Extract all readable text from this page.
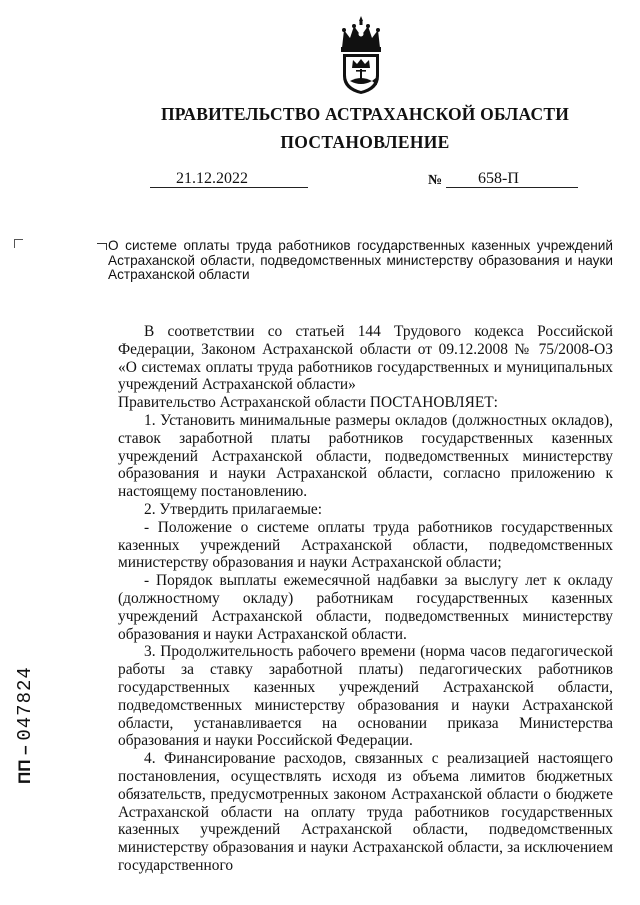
ПРАВИТЕЛЬСТВО АСТРАХАНСКОЙ ОБЛАСТИ
ПОСТАНОВЛЕНИЕ
21.12.2022	№ 658-П
О системе оплаты труда работников государственных казенных учреждений Астраханской области, подведомственных министерству образования и науки Астраханской области

В соответствии со статьей 144 Трудового кодекса Российской Федерации, Законом Астраханской области от 09.12.2008 № 75/2008-ОЗ «О системах оплаты труда работников государственных и муниципальных учреждений Астраханской области»

Правительство Астраханской области ПОСТАНОВЛЯЕТ:

1. Установить минимальные размеры окладов (должностных окладов), ставок заработной платы работников государственных казенных учреждений Астраханской области, подведомственных министерству образования и науки Астраханской области, согласно приложению к настоящему постановлению.

2. Утвердить прилагаемые:

- Положение о системе оплаты труда работников государственных казенных учреждений Астраханской области, подведомственных министерству образования и науки Астраханской области;

- Порядок выплаты ежемесячной надбавки за выслугу лет к окладу (должностному окладу) работникам государственных казенных учреждений Астраханской области, подведомственных министерству образования и науки Астраханской области.

3. Продолжительность рабочего времени (норма часов педагогической работы за ставку заработной платы) педагогических работников государственных казенных учреждений Астраханской области, подведомственных министерству образования и науки Астраханской области, устанавливается на основании приказа Министерства образования и науки Российской Федерации.

4. Финансирование расходов, связанных с реализацией настоящего постановления, осуществлять исходя из объема лимитов бюджетных обязательств, предусмотренных законом Астраханской области о бюджете Астраханской области на оплату труда работников государственных казенных учреждений Астраханской области, подведомственных министерству образования и науки Астраханской области, за исключением государственного

ПП – 047824
